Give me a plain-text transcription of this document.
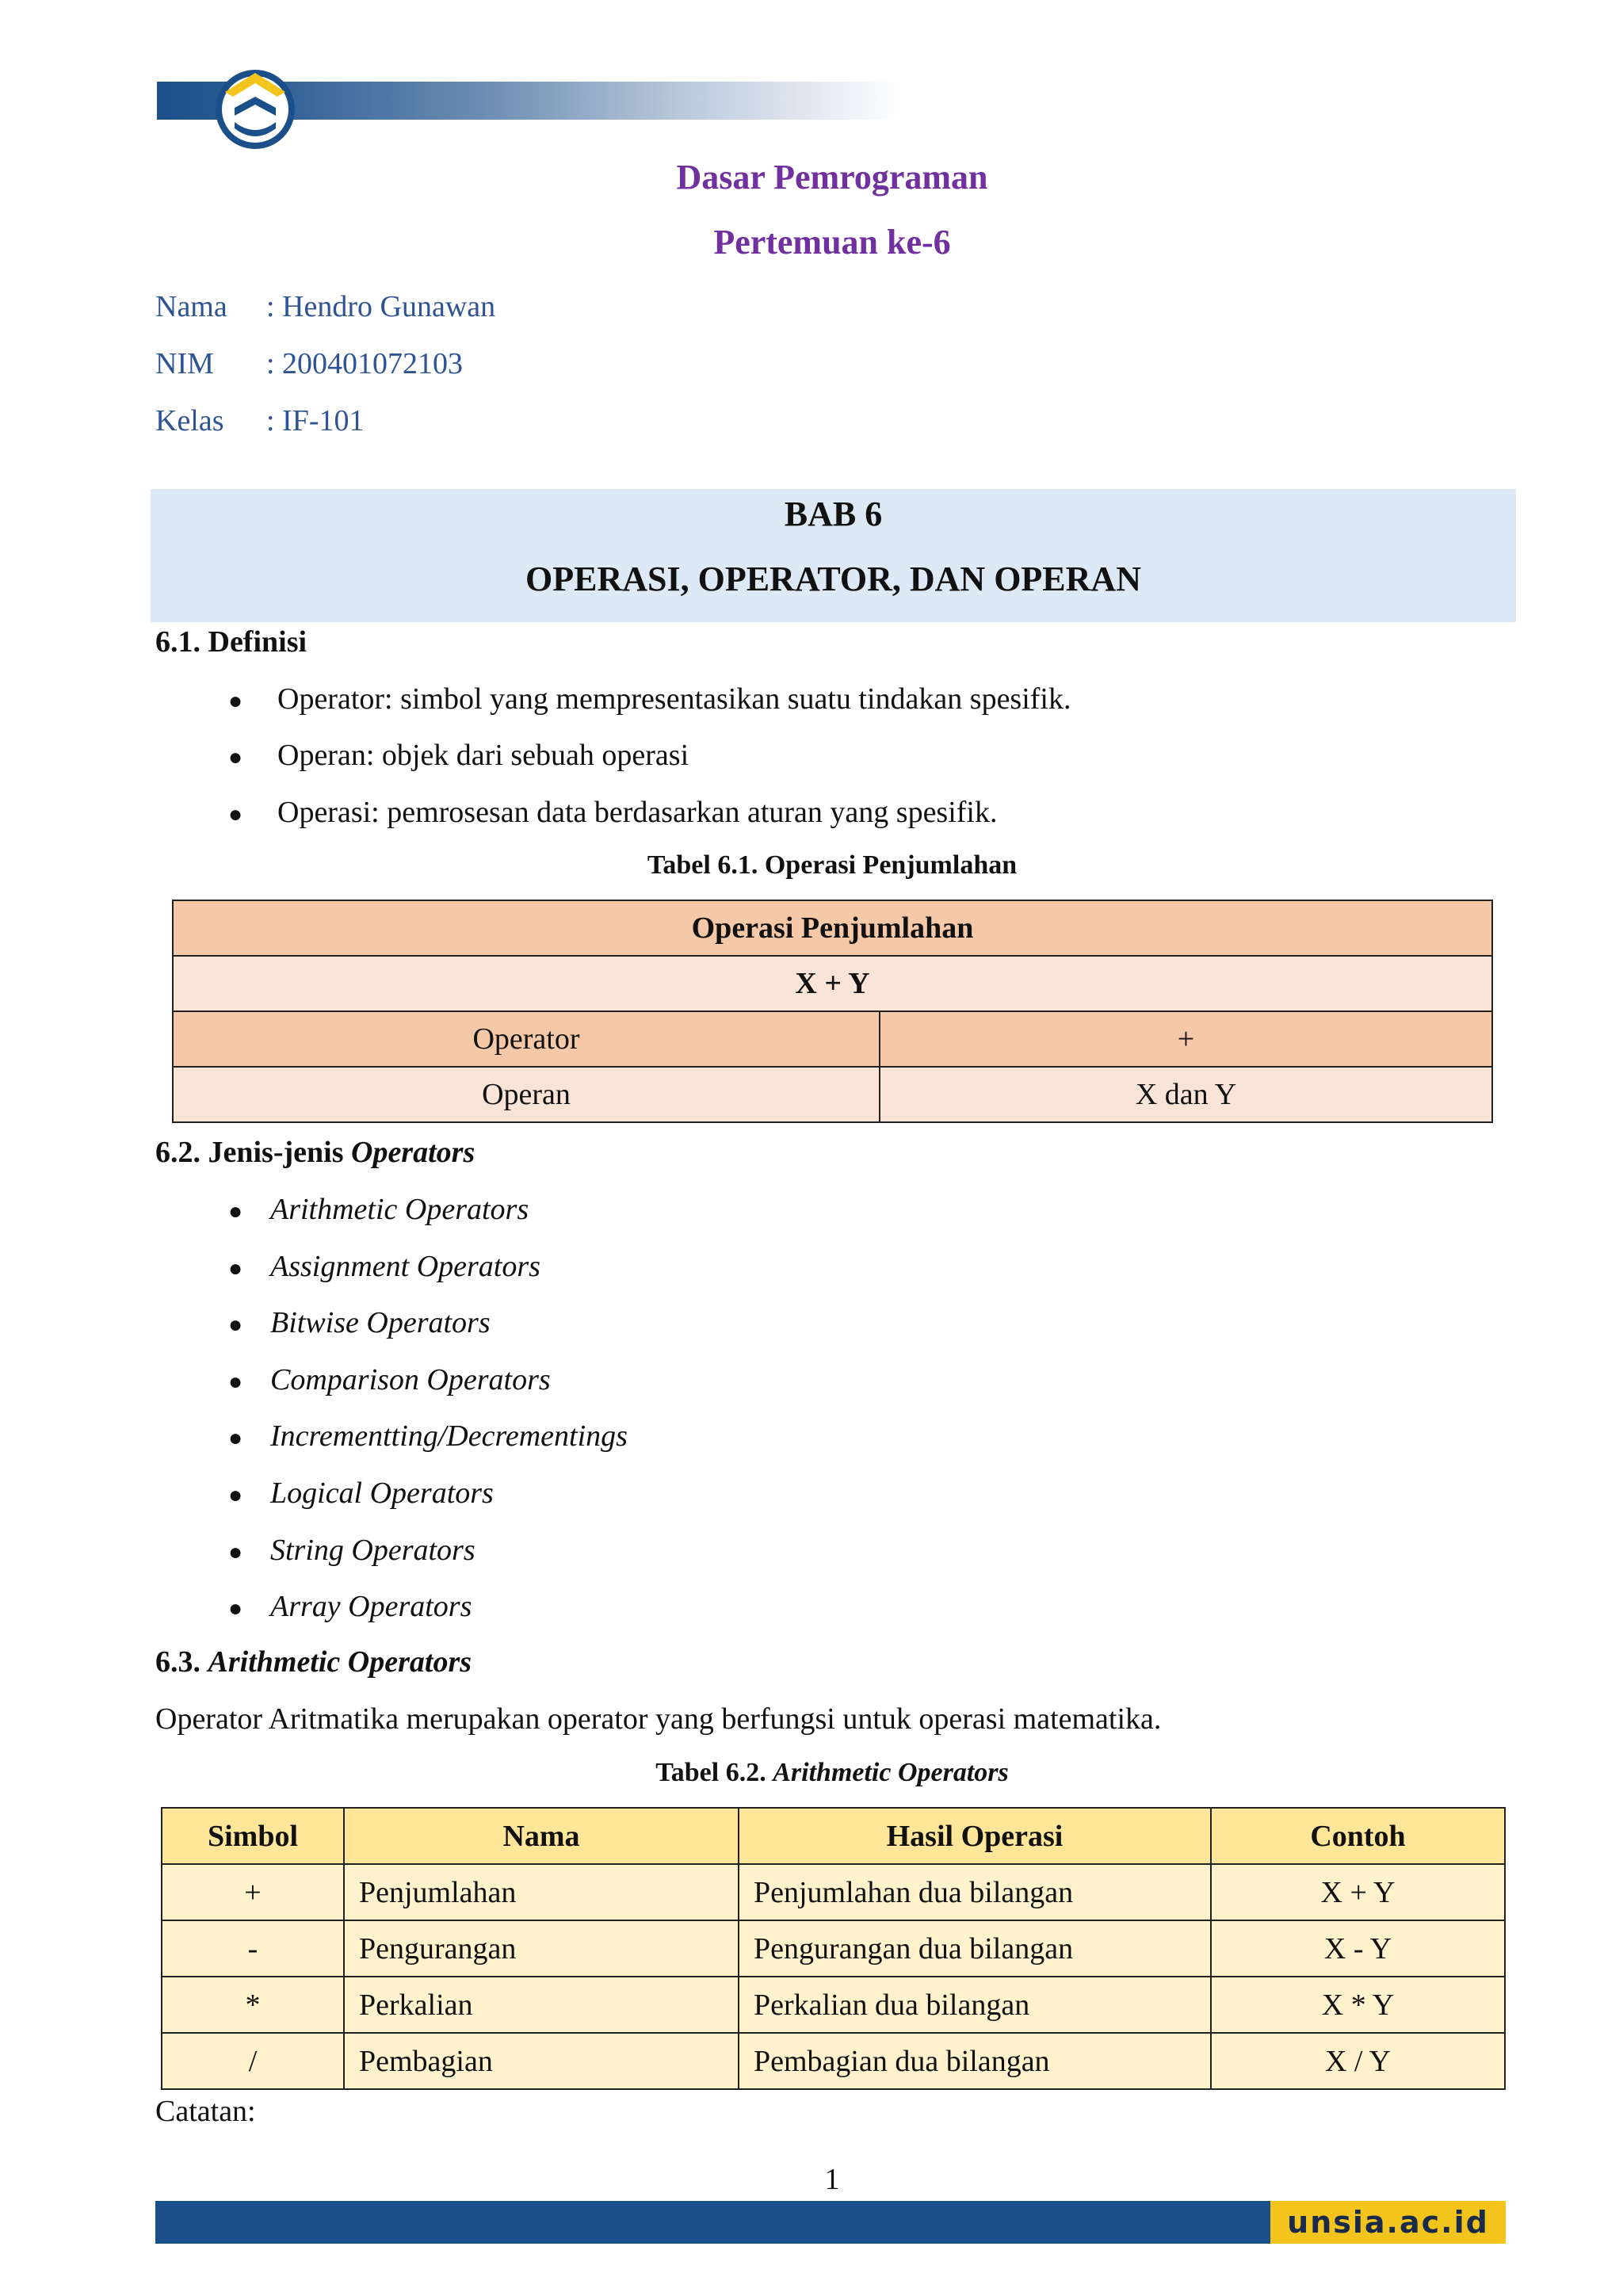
Dasar Pemrograman
Pertemuan ke-6
Nama : Hendro Gunawan
NIM : 200401072103
Kelas : IF-101
BAB 6
OPERASI, OPERATOR, DAN OPERAN
6.1. Definisi
● Operator: simbol yang mempresentasikan suatu tindakan spesifik.
● Operan: objek dari sebuah operasi
● Operasi: pemrosesan data berdasarkan aturan yang spesifik.
Tabel 6.1. Operasi Penjumlahan
Operasi Penjumlahan	
X + Y	
Operator	+
Operan	X dan Y
6.2. Jenis-jenis Operators
● Arithmetic Operators
● Assignment Operators
● Bitwise Operators
● Comparison Operators
● Incrementting/Decrementings
● Logical Operators
● String Operators
● Array Operators
6.3. Arithmetic Operators
Operator Aritmatika merupakan operator yang berfungsi untuk operasi matematika.
Tabel 6.2. Arithmetic Operators
Simbol	Nama	Hasil Operasi	Contoh
+	Penjumlahan	Penjumlahan dua bilangan	X + Y
-	Pengurangan	Pengurangan dua bilangan	X - Y
*	Perkalian	Perkalian dua bilangan	X * Y
/	Pembagian	Pembagian dua bilangan	X / Y
Catatan:
1
unsia.ac.id
